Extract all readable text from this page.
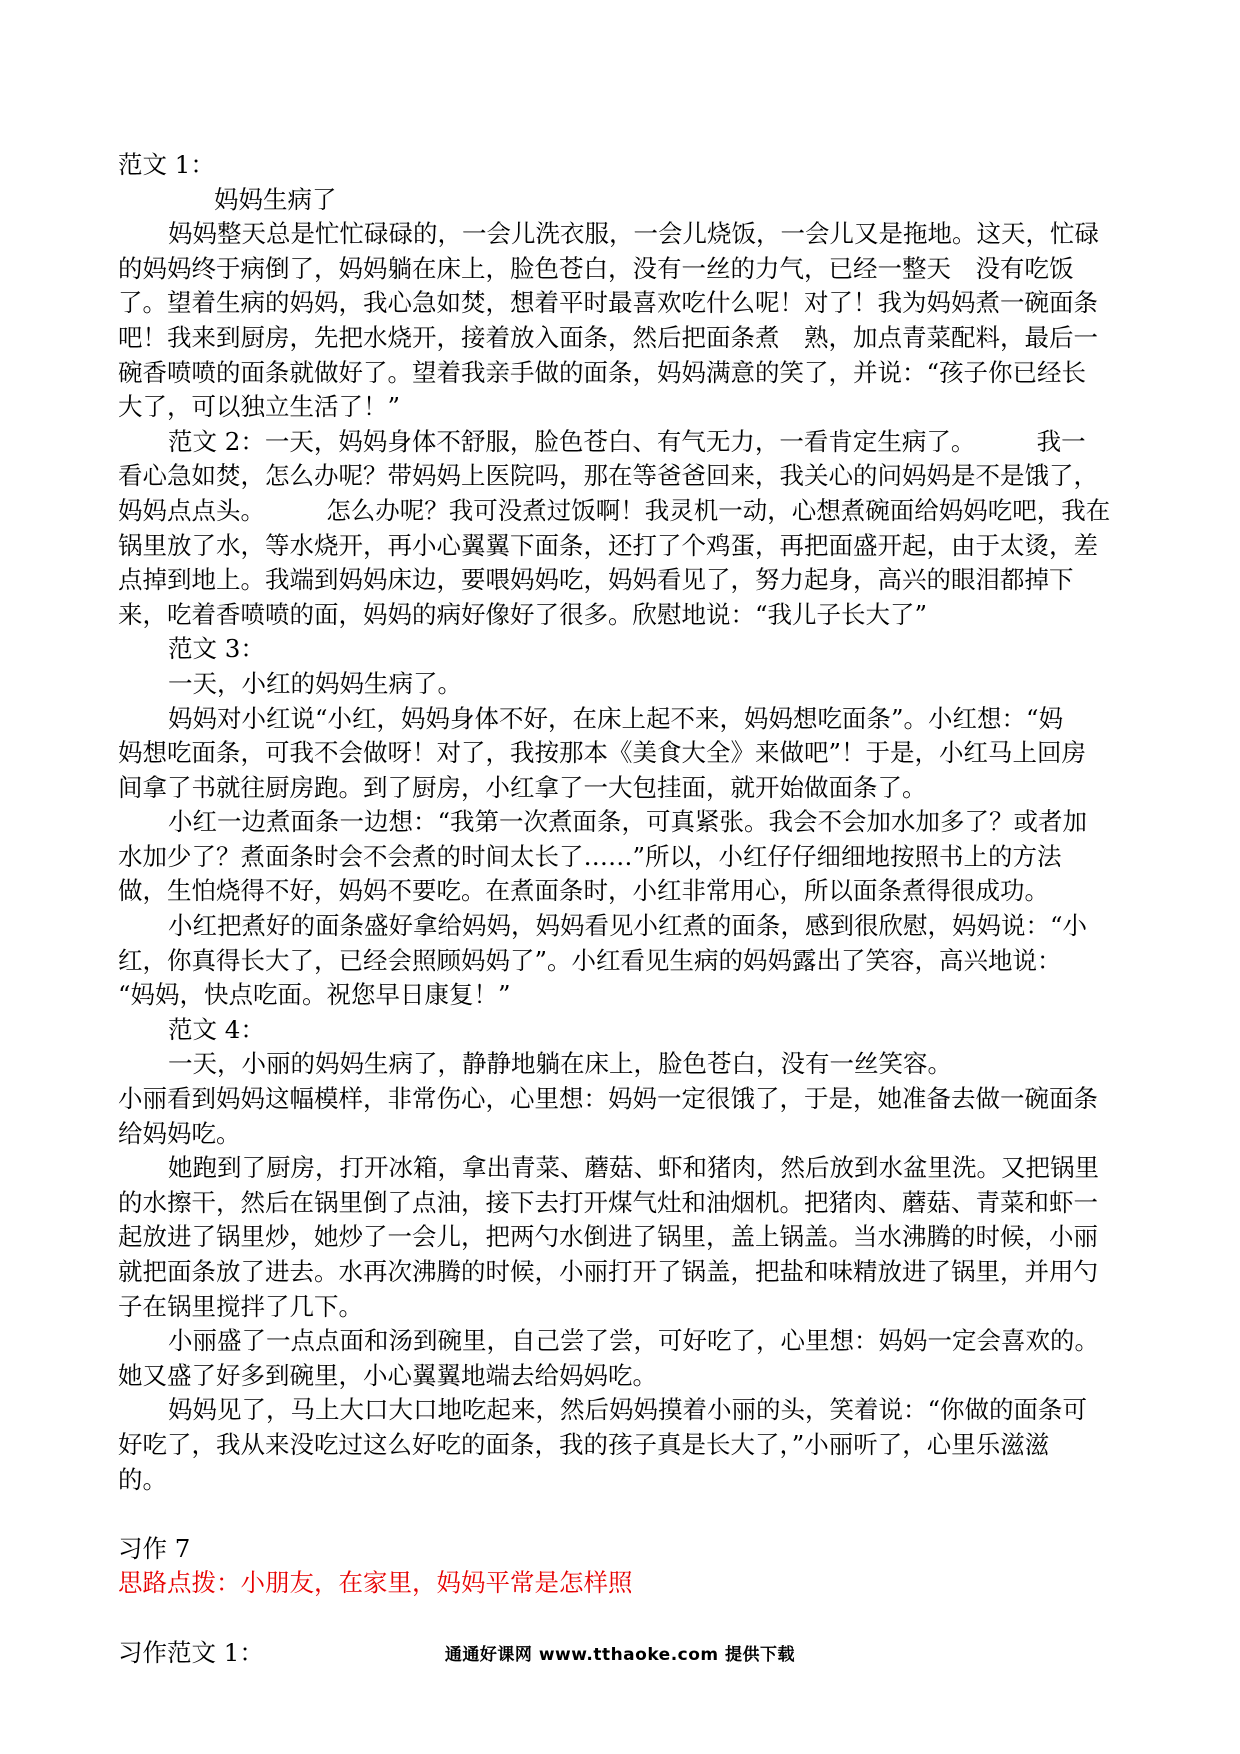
范文 1：
妈妈生病了
妈妈整天总是忙忙碌碌的，一会儿洗衣服，一会儿烧饭，一会儿又是拖地。这天，忙碌
的妈妈终于病倒了，妈妈躺在床上，脸色苍白，没有一丝的力气，已经一整天　没有吃饭
了。望着生病的妈妈，我心急如焚，想着平时最喜欢吃什么呢！对了！我为妈妈煮一碗面条
吧！我来到厨房，先把水烧开，接着放入面条，然后把面条煮　熟，加点青菜配料，最后一
碗香喷喷的面条就做好了。望着我亲手做的面条，妈妈满意的笑了，并说：“孩子你已经长
大了，可以独立生活了！”
范文 2：一天，妈妈身体不舒服，脸色苍白、有气无力，一看肯定生病了。　　　我一
看心急如焚，怎么办呢？带妈妈上医院吗，那在等爸爸回来，我关心的问妈妈是不是饿了，
妈妈点点头。　　　怎么办呢？我可没煮过饭啊！我灵机一动，心想煮碗面给妈妈吃吧，我在
锅里放了水，等水烧开，再小心翼翼下面条，还打了个鸡蛋，再把面盛开起，由于太烫，差
点掉到地上。我端到妈妈床边，要喂妈妈吃，妈妈看见了，努力起身，高兴的眼泪都掉下
来，吃着香喷喷的面，妈妈的病好像好了很多。欣慰地说：“我儿子长大了”
范文 3：
一天，小红的妈妈生病了。
妈妈对小红说“小红，妈妈身体不好，在床上起不来，妈妈想吃面条”。小红想：“妈
妈想吃面条，可我不会做呀！对了，我按那本《美食大全》来做吧”！于是，小红马上回房
间拿了书就往厨房跑。到了厨房，小红拿了一大包挂面，就开始做面条了。
小红一边煮面条一边想：“我第一次煮面条，可真紧张。我会不会加水加多了？或者加
水加少了？煮面条时会不会煮的时间太长了……”所以，小红仔仔细细地按照书上的方法
做，生怕烧得不好，妈妈不要吃。在煮面条时，小红非常用心，所以面条煮得很成功。
小红把煮好的面条盛好拿给妈妈，妈妈看见小红煮的面条，感到很欣慰，妈妈说：“小
红，你真得长大了，已经会照顾妈妈了”。小红看见生病的妈妈露出了笑容，高兴地说：
“妈妈，快点吃面。祝您早日康复！”
范文 4：
一天，小丽的妈妈生病了，静静地躺在床上，脸色苍白，没有一丝笑容。
小丽看到妈妈这幅模样，非常伤心，心里想：妈妈一定很饿了，于是，她准备去做一碗面条
给妈妈吃。
她跑到了厨房，打开冰箱，拿出青菜、蘑菇、虾和猪肉，然后放到水盆里洗。又把锅里
的水擦干，然后在锅里倒了点油，接下去打开煤气灶和油烟机。把猪肉、蘑菇、青菜和虾一
起放进了锅里炒，她炒了一会儿，把两勺水倒进了锅里，盖上锅盖。当水沸腾的时候，小丽
就把面条放了进去。水再次沸腾的时候，小丽打开了锅盖，把盐和味精放进了锅里，并用勺
子在锅里搅拌了几下。
小丽盛了一点点面和汤到碗里，自己尝了尝，可好吃了，心里想：妈妈一定会喜欢的。
她又盛了好多到碗里，小心翼翼地端去给妈妈吃。
妈妈见了，马上大口大口地吃起来，然后妈妈摸着小丽的头，笑着说：“你做的面条可
好吃了，我从来没吃过这么好吃的面条，我的孩子真是长大了，”小丽听了，心里乐滋滋
的。
习作 7
思路点拨：小朋友，在家里，妈妈平常是怎样照
习作范文 1：	通通好课网 www.tthaoke.com 提供下载
